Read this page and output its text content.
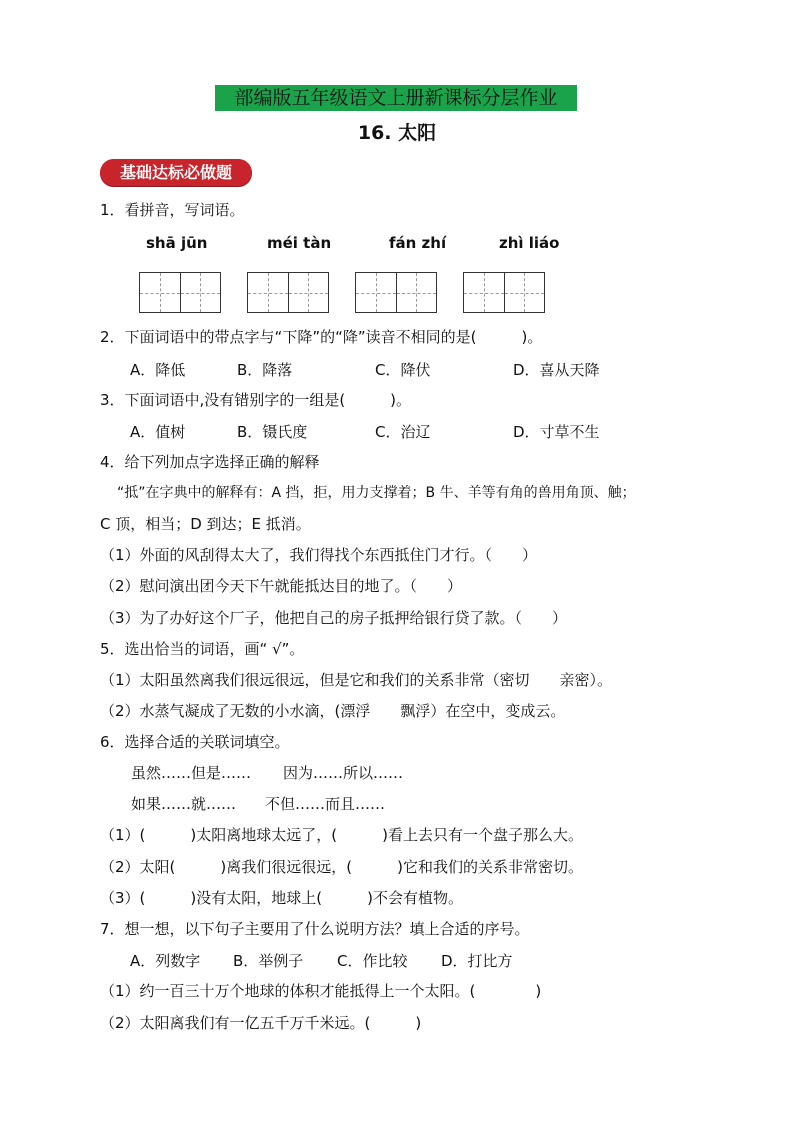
部编版五年级语文上册新课标分层作业
16. 太阳
基础达标必做题
1．看拼音，写词语。
shā jūn	méi tàn	fán zhí	zhì liáo
2．下面词语中的带点字与“下降”的“降”读音不相同的是(　　　)。
A．降低	B．降落	C．降伏	D．喜从天降
3．下面词语中,没有错别字的一组是(　　　)。
A．值树	B．镊氏度	C．治辽	D．寸草不生
4．给下列加点字选择正确的解释
“抵”在字典中的解释有：A 挡，拒，用力支撑着；B 牛、羊等有角的兽用角顶、触；
C 顶，相当；D 到达；E 抵消。
（1）外面的风刮得太大了，我们得找个东西抵住门才行。（　　）
（2）慰问演出团今天下午就能抵达目的地了。（　　）
（3）为了办好这个厂子，他把自己的房子抵押给银行贷了款。（　　）
5．选出恰当的词语，画“ √”。
（1）太阳虽然离我们很远很远，但是它和我们的关系非常（密切　　亲密）。
（2）水蒸气凝成了无数的小水滴，(漂浮　　飘浮）在空中，变成云。
6．选择合适的关联词填空。
虽然……但是…… 因为……所以……
如果……就…… 不但……而且……
（1）(　　　)太阳离地球太远了，(　　　)看上去只有一个盘子那么大。
（2）太阳(　　　)离我们很远很远，(　　　)它和我们的关系非常密切。
（3）(　　　)没有太阳，地球上(　　　)不会有植物。
7．想一想，以下句子主要用了什么说明方法？填上合适的序号。
A．列数字 B．举例子 C．作比较 D．打比方
（1）约一百三十万个地球的体积才能抵得上一个太阳。(　　　　)
（2）太阳离我们有一亿五千万千米远。(　　　)
